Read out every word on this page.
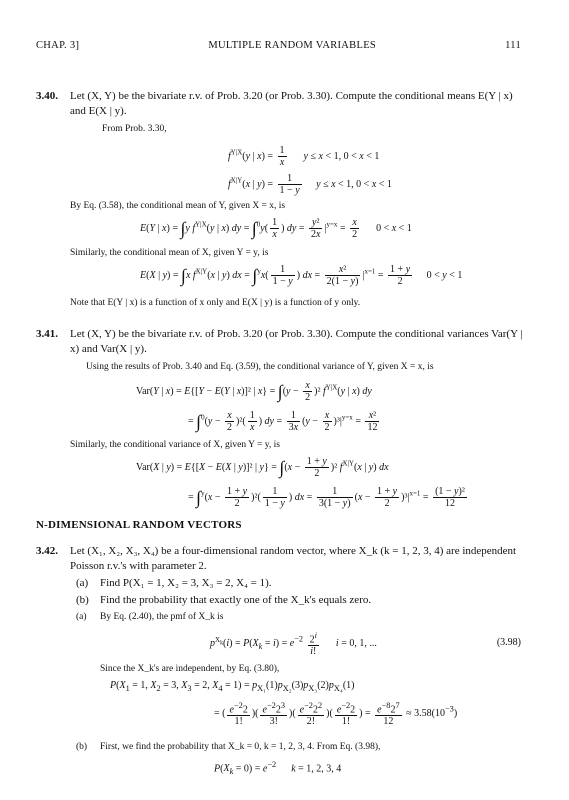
CHAP. 3]	MULTIPLE RANDOM VARIABLES	111
3.40. Let (X, Y) be the bivariate r.v. of Prob. 3.20 (or Prob. 3.30). Compute the conditional means E(Y | x) and E(X | y).
From Prob. 3.30,
$f^{Y|X}(y$ | $x) = \frac{1}{x}$ y ≤ x < 1, 0 < x < 1
$f^{X|Y}(x$ | $y) = \frac{1}{1 - y}$ y ≤ x < 1, 0 < x < 1
By Eq. (3.58), the conditional mean of Y, given X = x, is
E(Y | x) = ∫y $f^{Y|X}(y$ | x) dy = $\int^0y( \frac{1}{x}$ ) dy = $\frac{\text{y²}}{2x} |^{y=x} = \frac{x}{2} 0 < x < 1$
Similarly, the conditional mean of X, given Y = y, is
E(X | y) = ∫x $f^{X|Y}(x$ | y) dx = $\int^yx( \frac{1}{1 - y}$ ) dx = $\frac{\text{x²}}{2(1 - y)} |^{x=1} = \frac{1 + y}{2} 0 < y < 1$
Note that E(Y | x) is a function of x only and E(X | y) is a function of y only.
3.41. Let (X, Y) be the bivariate r.v. of Prob. 3.20 (or Prob. 3.30). Compute the conditional variances Var(Y | x) and Var(X | y).
Using the results of Prob. 3.40 and Eq. (3.59), the conditional variance of Y, given X = x, is
Var(Y | x) = E{[Y − E(Y | x)]² | $x\} = \int(y - \frac{x}{2} )^2$ $f^{Y|X}(y$ | x) dy
= $\int^0(y - \frac{x}{2} )^2( \frac{1}{x}$ ) dy = $\frac{1}{3x} (y - \frac{x}{2} )^3|^{y=x} = \frac{\text{x²}}{12}$
Similarly, the conditional variance of X, given Y = y, is
Var(X | y) = E{[X − E(X | y)]² | $y\} = \int(x - \frac{1 + y}{2} )^2$ $f^{X|Y}(x$ | y) dx
= $\int^y(x - \frac{1 + y}{2} )^2( \frac{1}{1 - y}$ ) dx = $\frac{1}{3(1 - y)} (x - \frac{1 + y}{2} )^3|^{x=1} = \frac{\text{(1 − y)²}}{12}$
N-DIMENSIONAL RANDOM VECTORS
3.42. Let (X₁, X₂, X₃, X₄) be a four-dimensional random vector, where X_k (k = 1, 2, 3, 4) are independent Poisson r.v.'s with parameter 2.
(a) Find P(X₁ = 1, X₂ = 3, X₃ = 2, X₄ = 1).
(b) Find the probability that exactly one of the X_k's equals zero.
(a) By Eq. (2.40), the pmf of X_k is
$p^{X_k}(i) = P(X_k = i) = e^{-2} \frac{2^i}{i!}$ i = 0, 1, ...	(3.98)
Since the X_k's are independent, by Eq. (3.80),
$P(X_1 = 1$, $X_2 = 3$, $X_3 = 2$, $X_4 = 1) = p_{X_1}(1)p_{X_2}(3)p_{X_3}(2)p_{X_4}(1)$
= ( $\frac{e^{-2}2}{1!}$ )( $\frac{e^{-2}2^3}{3!}$ )( $\frac{e^{-2}2^2}{2!}$ )( $\frac{e^{-2}2}{1!}$ ) = $\frac{e^{-8}2^7}{12} \approx 3.58(10^{-3})$
(b) First, we find the probability that X_k = 0, k = 1, 2, 3, 4. From Eq. (3.98),
$P(X_k = 0) = e^{-2}$ k = 1, 2, 3, 4
